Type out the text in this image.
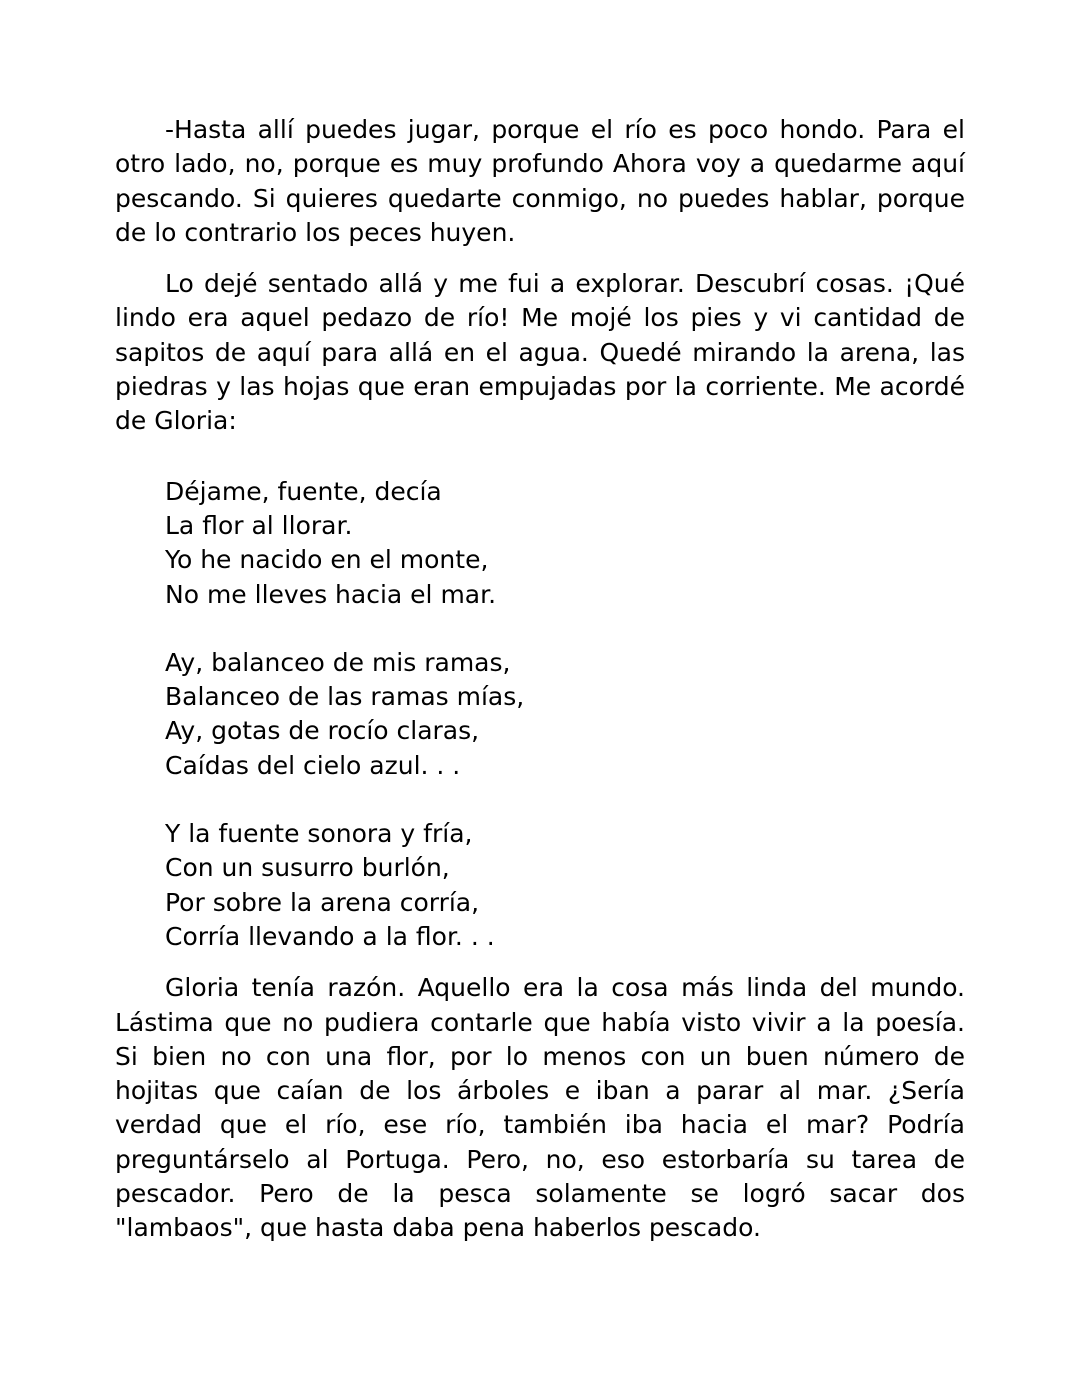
-Hasta allí puedes jugar, porque el río es poco hondo. Para el otro lado, no, porque es muy profundo Ahora voy a quedarme aquí pescando. Si quieres quedarte conmigo, no puedes hablar, porque de lo contrario los peces huyen.

Lo dejé sentado allá y me fui a explorar. Descubrí cosas. ¡Qué lindo era aquel pedazo de río! Me mojé los pies y vi cantidad de sapitos de aquí para allá en el agua. Quedé mirando la arena, las piedras y las hojas que eran empujadas por la corriente. Me acordé de Gloria:

Déjame, fuente, decía
La flor al llorar.
Yo he nacido en el monte,
No me lleves hacia el mar.
Ay, balanceo de mis ramas,
Balanceo de las ramas mías,
Ay, gotas de rocío claras,
Caídas del cielo azul. . .
Y la fuente sonora y fría,
Con un susurro burlón,
Por sobre la arena corría,
Corría llevando a la flor. . .

Gloria tenía razón. Aquello era la cosa más linda del mundo. Lástima que no pudiera contarle que había visto vivir a la poesía. Si bien no con una flor, por lo menos con un buen número de hojitas que caían de los árboles e iban a parar al mar. ¿Sería verdad que el río, ese río, también iba hacia el mar? Podría preguntárselo al Portuga. Pero, no, eso estorbaría su tarea de pescador. Pero de la pesca solamente se logró sacar dos "lambaos", que hasta daba pena haberlos pescado.
